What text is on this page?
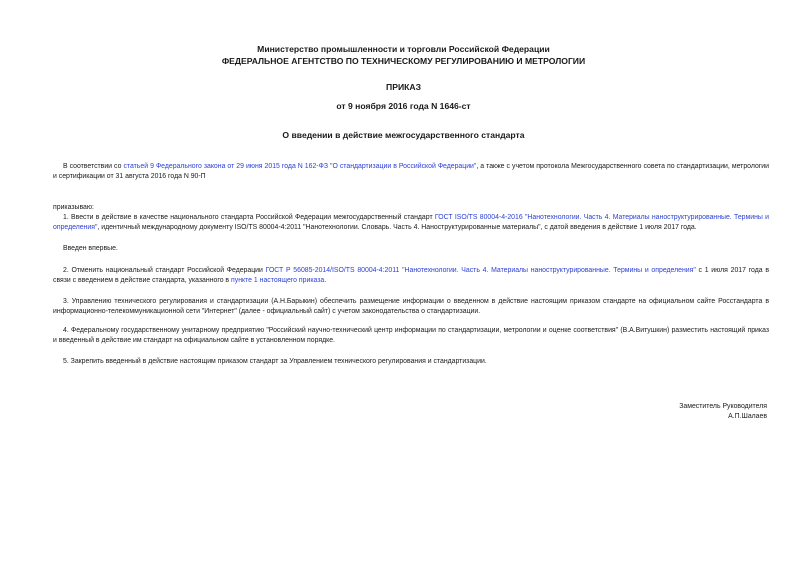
Министерство промышленности и торговли Российской Федерации
ФЕДЕРАЛЬНОЕ АГЕНТСТВО ПО ТЕХНИЧЕСКОМУ РЕГУЛИРОВАНИЮ И МЕТРОЛОГИИ
ПРИКАЗ
от 9 ноября 2016 года N 1646-ст
О введении в действие межгосударственного стандарта

В соответствии со статьей 9 Федерального закона от 29 июня 2015 года N 162-ФЗ "О стандартизации в Российской Федерации", а также с учетом протокола Межгосударственного совета по стандартизации, метрологии и сертификации от 31 августа 2016 года N 90-П

приказываю:

1. Ввести в действие в качестве национального стандарта Российской Федерации межгосударственный стандарт ГОСТ ISO/TS 80004-4-2016 "Нанотехнологии. Часть 4. Материалы наноструктурированные. Термины и определения", идентичный международному документу ISO/TS 80004-4:2011 "Нанотехнологии. Словарь. Часть 4. Наноструктурированные материалы", с датой введения в действие 1 июля 2017 года.

Введен впервые.

2. Отменить национальный стандарт Российской Федерации ГОСТ Р 56085-2014/ISO/TS 80004-4:2011 "Нанотехнологии. Часть 4. Материалы наноструктурированные. Термины и определения" с 1 июля 2017 года в связи с введением в действие стандарта, указанного в пункте 1 настоящего приказа.

3. Управлению технического регулирования и стандартизации (А.Н.Барыкин) обеспечить размещение информации о введенном в действие настоящим приказом стандарте на официальном сайте Росстандарта в информационно-телекоммуникационной сети "Интернет" (далее - официальный сайт) с учетом законодательства о стандартизации.

4. Федеральному государственному унитарному предприятию "Российский научно-технический центр информации по стандартизации, метрологии и оценке соответствия" (В.А.Витушкин) разместить настоящий приказ и введенный в действие им стандарт на официальном сайте в установленном порядке.

5. Закрепить введенный в действие настоящим приказом стандарт за Управлением технического регулирования и стандартизации.

Заместитель Руководителя
А.П.Шалаев
